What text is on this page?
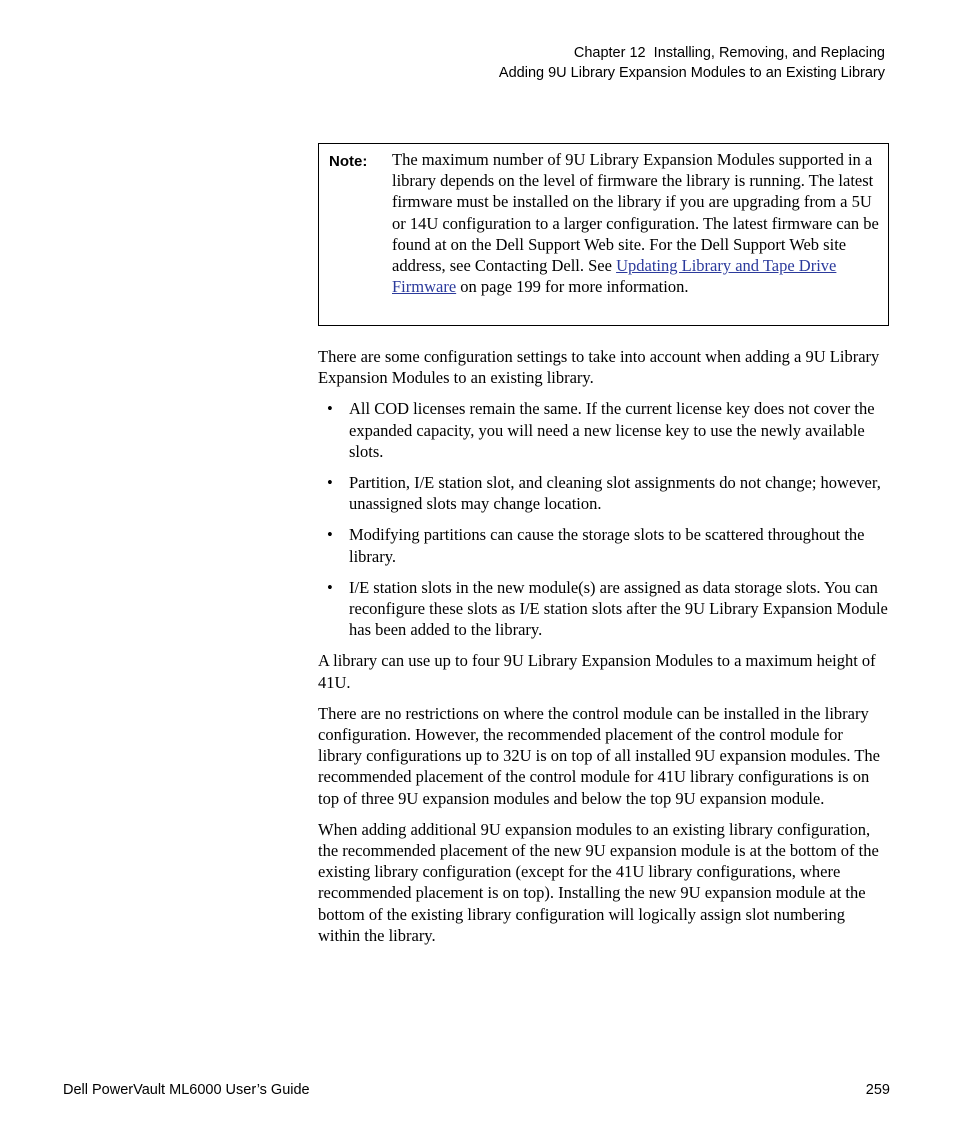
Chapter 12  Installing, Removing, and Replacing
Adding 9U Library Expansion Modules to an Existing Library
Note: The maximum number of 9U Library Expansion Modules supported in a library depends on the level of firmware the library is running. The latest firmware must be installed on the library if you are upgrading from a 5U or 14U configuration to a larger configuration. The latest firmware can be found at on the Dell Support Web site. For the Dell Support Web site address, see Contacting Dell. See Updating Library and Tape Drive Firmware on page 199 for more information.

There are some configuration settings to take into account when adding a 9U Library Expansion Modules to an existing library.

• All COD licenses remain the same. If the current license key does not cover the expanded capacity, you will need a new license key to use the newly available slots.
• Partition, I/E station slot, and cleaning slot assignments do not change; however, unassigned slots may change location.
• Modifying partitions can cause the storage slots to be scattered throughout the library.
• I/E station slots in the new module(s) are assigned as data storage slots. You can reconfigure these slots as I/E station slots after the 9U Library Expansion Module has been added to the library.

A library can use up to four 9U Library Expansion Modules to a maximum height of 41U.

There are no restrictions on where the control module can be installed in the library configuration. However, the recommended placement of the control module for library configurations up to 32U is on top of all installed 9U expansion modules. The recommended placement of the control module for 41U library configurations is on top of three 9U expansion modules and below the top 9U expansion module.

When adding additional 9U expansion modules to an existing library configuration, the recommended placement of the new 9U expansion module is at the bottom of the existing library configuration (except for the 41U library configurations, where recommended placement is on top). Installing the new 9U expansion module at the bottom of the existing library configuration will logically assign slot numbering within the library.

Dell PowerVault ML6000 User’s Guide	259
